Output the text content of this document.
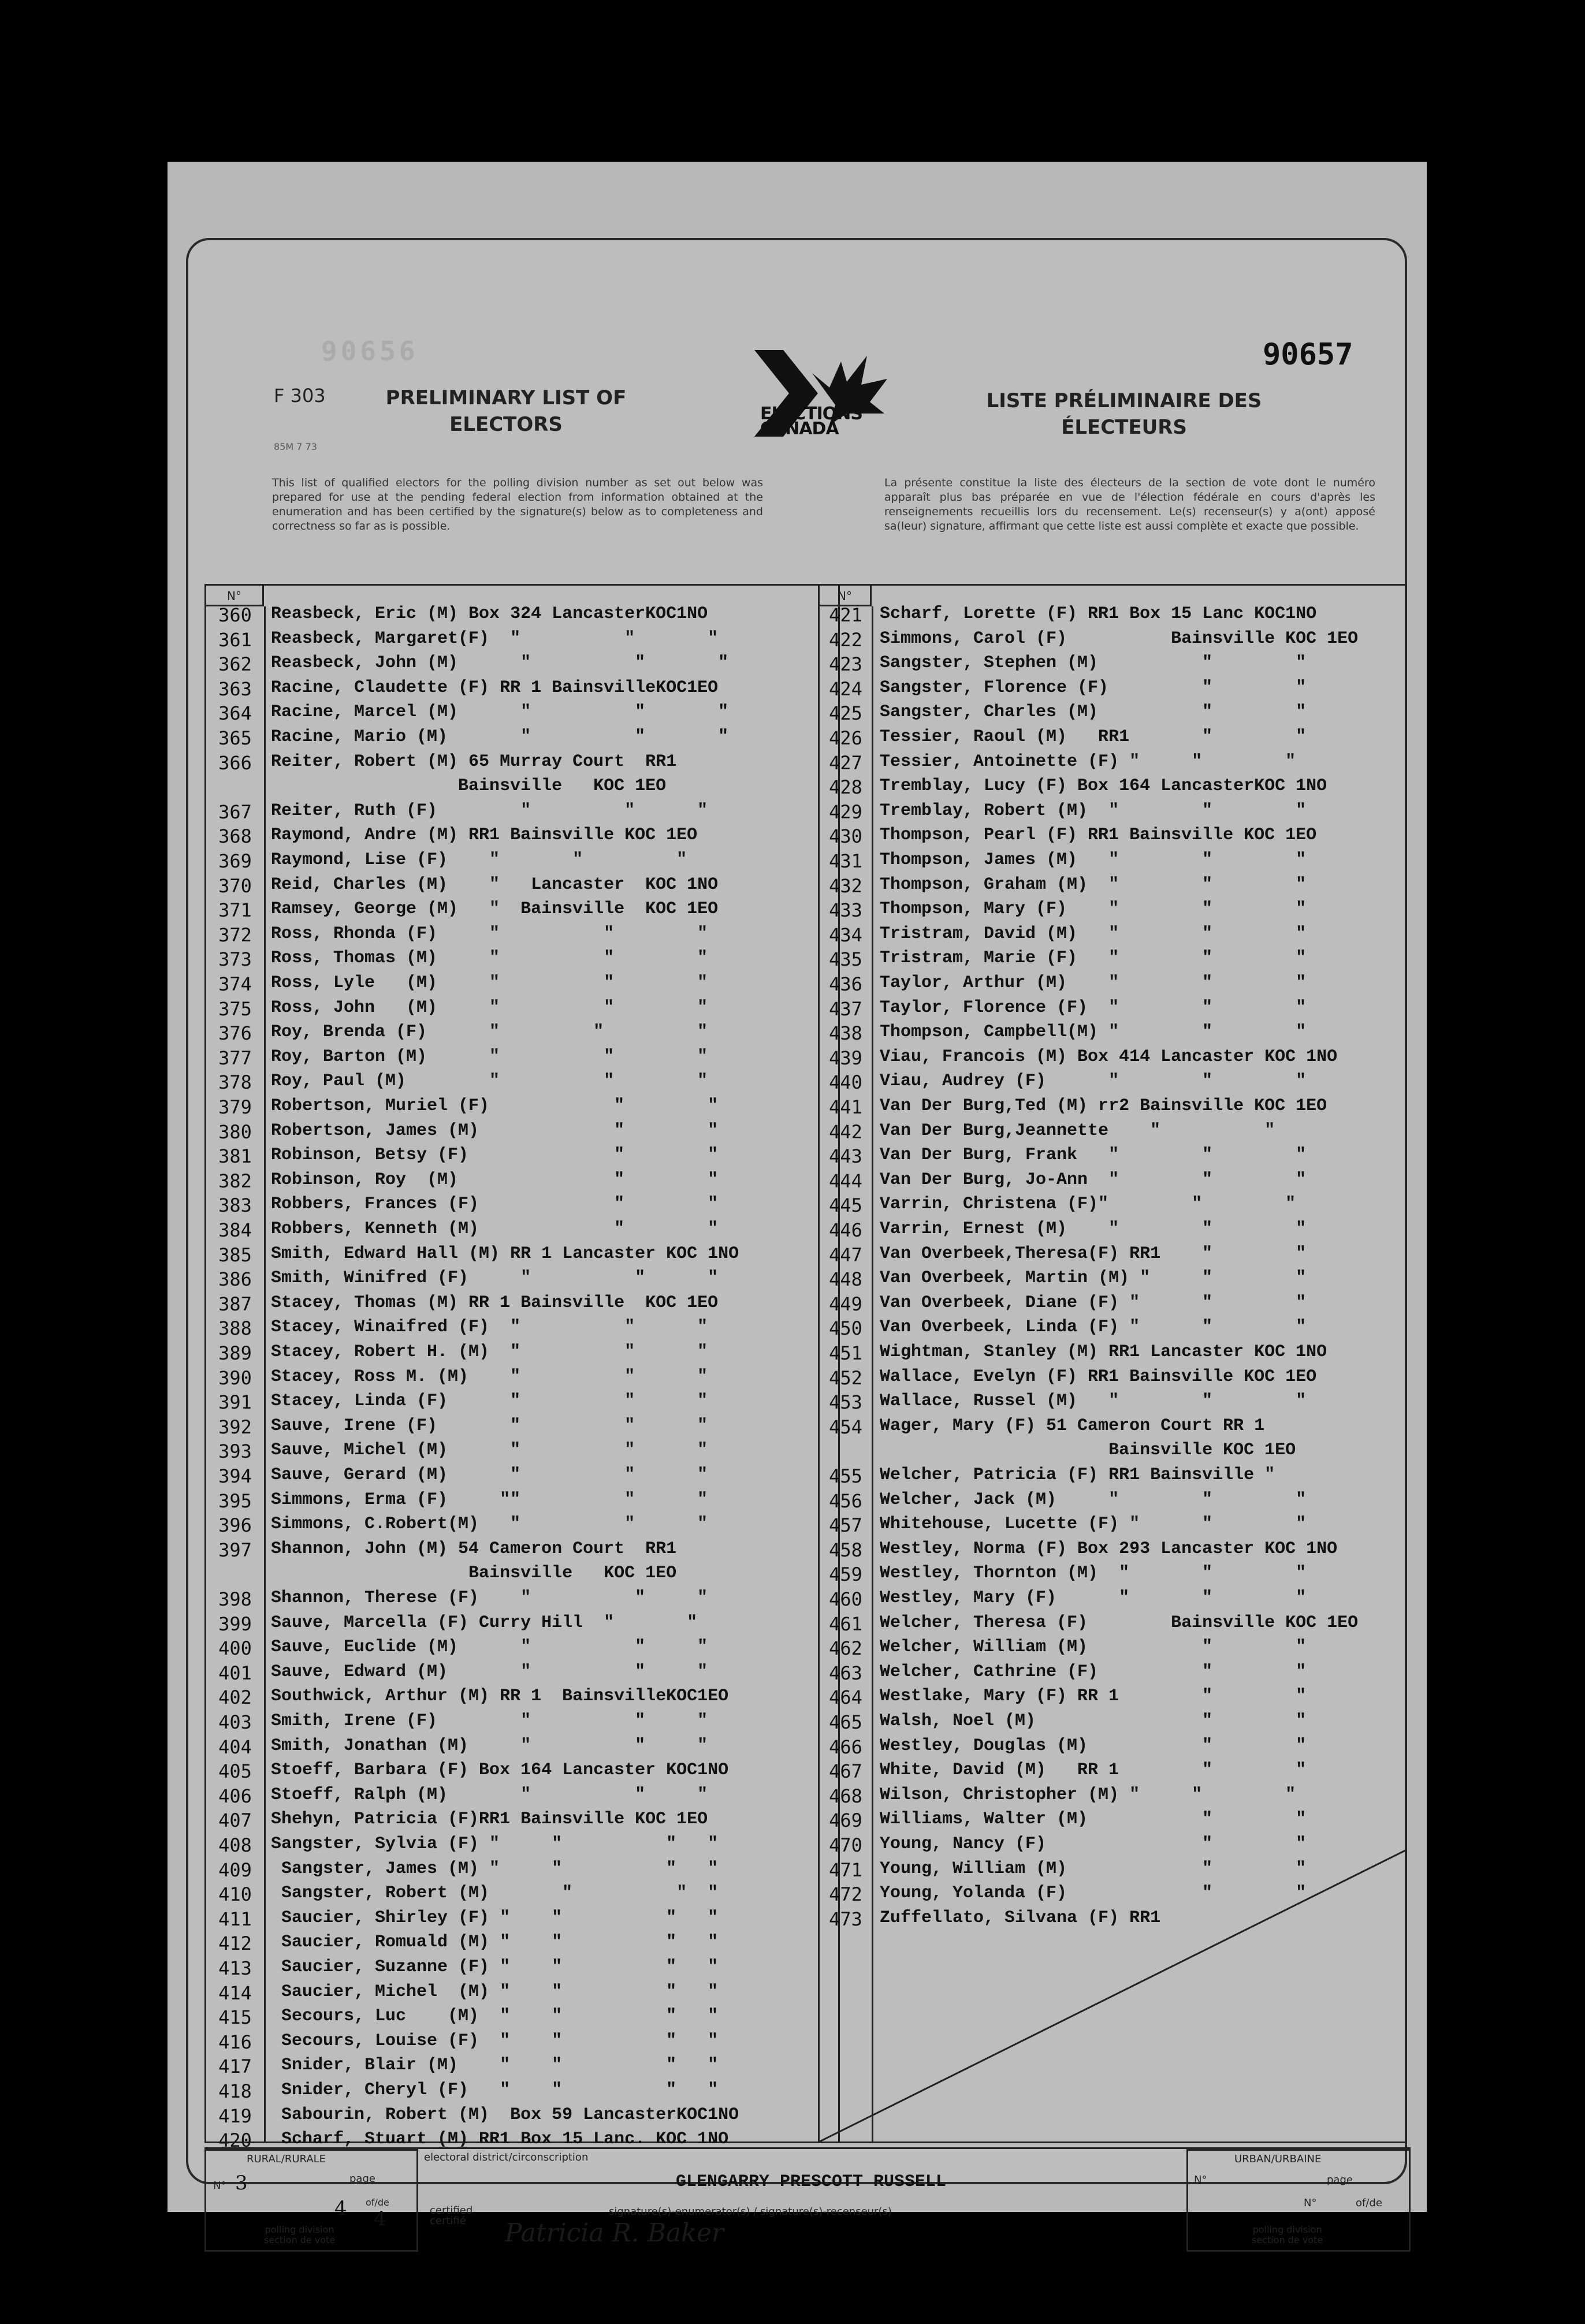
90656
F 303
85M 7 73
PRELIMINARY LIST OF
ELECTORS	ELECTIONS
CANADA
LISTE PRÉLIMINAIRE DES
ÉLECTEURS
90657
This list of qualified electors for the polling division number as set out below was prepared for use at the pending federal election from information obtained at the enumeration and has been certified by the signature(s) below as to completeness and correctness so far as is possible.
La présente constitue la liste des électeurs de la section de vote dont le numéro apparaît plus bas préparée en vue de l'élection fédérale en cours d'après les renseignements recueillis lors du recensement. Le(s) recenseur(s) y a(ont) apposé sa(leur) signature, affirmant que cette liste est aussi complète et exacte que possible.
N°
360	Reasbeck, Eric (M) Box 324 LancasterKOC1NO
361	Reasbeck, Margaret(F)  "          "       "
362	Reasbeck, John (M)      "          "       "
363	Racine, Claudette (F) RR 1 BainsvilleKOC1EO
364	Racine, Marcel (M)      "          "       "
365	Racine, Mario (M)       "          "       "
366	Reiter, Robert (M) 65 Murray Court  RR1
Bainsville   KOC 1EO
367	Reiter, Ruth (F)        "         "      "
368	Raymond, Andre (M) RR1 Bainsville KOC 1EO
369	Raymond, Lise (F)    "       "         "
370	Reid, Charles (M)    "   Lancaster  KOC 1NO
371	Ramsey, George (M)   "  Bainsville  KOC 1EO
372	Ross, Rhonda (F)     "          "        "
373	Ross, Thomas (M)     "          "        "
374	Ross, Lyle   (M)     "          "        "
375	Ross, John   (M)     "          "        "
376	Roy, Brenda (F)      "         "         "
377	Roy, Barton (M)      "          "        "
378	Roy, Paul (M)        "          "        "
379	Robertson, Muriel (F)            "        "
380	Robertson, James (M)             "        "
381	Robinson, Betsy (F)              "        "
382	Robinson, Roy  (M)               "        "
383	Robbers, Frances (F)             "        "
384	Robbers, Kenneth (M)             "        "
385	Smith, Edward Hall (M) RR 1 Lancaster KOC 1NO
386	Smith, Winifred (F)     "          "      "
387	Stacey, Thomas (M) RR 1 Bainsville  KOC 1EO
388	Stacey, Winaifred (F)  "          "      "
389	Stacey, Robert H. (M)  "          "      "
390	Stacey, Ross M. (M)    "          "      "
391	Stacey, Linda (F)      "          "      "
392	Sauve, Irene (F)       "          "      "
393	Sauve, Michel (M)      "          "      "
394	Sauve, Gerard (M)      "          "      "
395	Simmons, Erma (F)     ""          "      "
396	Simmons, C.Robert(M)   "          "      "
397	Shannon, John (M) 54 Cameron Court  RR1
Bainsville   KOC 1EO
398	Shannon, Therese (F)    "          "     "
399	Sauve, Marcella (F) Curry Hill  "       "
400	Sauve, Euclide (M)      "          "     "
401	Sauve, Edward (M)       "          "     "
402	Southwick, Arthur (M) RR 1  BainsvilleKOC1EO
403	Smith, Irene (F)        "          "     "
404	Smith, Jonathan (M)     "          "     "
405	Stoeff, Barbara (F) Box 164 Lancaster KOC1NO
406	Stoeff, Ralph (M)       "          "     "
407	Shehyn, Patricia (F)RR1 Bainsville KOC 1EO
408	Sangster, Sylvia (F) "     "          "   "
409	Sangster, James (M) "     "          "   "
410	Sangster, Robert (M)       "          "  "
411	Saucier, Shirley (F) "    "          "   "
412	Saucier, Romuald (M) "    "          "   "
413	Saucier, Suzanne (F) "    "          "   "
414	Saucier, Michel  (M) "    "          "   "
415	Secours, Luc    (M)  "    "          "   "
416	Secours, Louise (F)  "    "          "   "
417	Snider, Blair (M)    "    "          "   "
418	Snider, Cheryl (F)   "    "          "   "
419	Sabourin, Robert (M)  Box 59 LancasterKOC1NO
420	Scharf, Stuart (M) RR1 Box 15 Lanc. KOC 1NO
N°
421	Scharf, Lorette (F) RR1 Box 15 Lanc KOC1NO
422	Simmons, Carol (F)          Bainsville KOC 1EO
423	Sangster, Stephen (M)          "        "
424	Sangster, Florence (F)         "        "
425	Sangster, Charles (M)          "        "
426	Tessier, Raoul (M)   RR1       "        "
427	Tessier, Antoinette (F) "     "        "
428	Tremblay, Lucy (F) Box 164 LancasterKOC 1NO
429	Tremblay, Robert (M)  "        "        "
430	Thompson, Pearl (F) RR1 Bainsville KOC 1EO
431	Thompson, James (M)   "        "        "
432	Thompson, Graham (M)  "        "        "
433	Thompson, Mary (F)    "        "        "
434	Tristram, David (M)   "        "        "
435	Tristram, Marie (F)   "        "        "
436	Taylor, Arthur (M)    "        "        "
437	Taylor, Florence (F)  "        "        "
438	Thompson, Campbell(M) "        "        "
439	Viau, Francois (M) Box 414 Lancaster KOC 1NO
440	Viau, Audrey (F)      "        "        "
441	Van Der Burg,Ted (M) rr2 Bainsville KOC 1EO
442	Van Der Burg,Jeannette    "          "
443	Van Der Burg, Frank   "        "        "
444	Van Der Burg, Jo-Ann  "        "        "
445	Varrin, Christena (F)"        "        "
446	Varrin, Ernest (M)    "        "        "
447	Van Overbeek,Theresa(F) RR1    "        "
448	Van Overbeek, Martin (M) "     "        "
449	Van Overbeek, Diane (F) "      "        "
450	Van Overbeek, Linda (F) "      "        "
451	Wightman, Stanley (M) RR1 Lancaster KOC 1NO
452	Wallace, Evelyn (F) RR1 Bainsville KOC 1EO
453	Wallace, Russel (M)   "        "        "
454	Wager, Mary (F) 51 Cameron Court RR 1
Bainsville KOC 1EO
455	Welcher, Patricia (F) RR1 Bainsville "
456	Welcher, Jack (M)     "        "        "
457	Whitehouse, Lucette (F) "      "        "
458	Westley, Norma (F) Box 293 Lancaster KOC 1NO
459	Westley, Thornton (M)  "       "        "
460	Westley, Mary (F)      "       "        "
461	Welcher, Theresa (F)        Bainsville KOC 1EO
462	Welcher, William (M)           "        "
463	Welcher, Cathrine (F)          "        "
464	Westlake, Mary (F) RR 1        "        "
465	Walsh, Noel (M)                "        "
466	Westley, Douglas (M)           "        "
467	White, David (M)   RR 1        "        "
468	Wilson, Christopher (M) "     "        "
469	Williams, Walter (M)           "        "
470	Young, Nancy (F)               "        "
471	Young, William (M)             "        "
472	Young, Yolanda (F)             "        "
473	Zuffellato, Silvana (F) RR1
RURAL/RURALE
N° 3	page
4 of/de
4
polling division
section de vote
electoral district/circonscription
GLENGARRY PRESCOTT RUSSELL
certified
certifié
signature(s)-enumerator(s) / signature(s)-recenseur(s)
Patricia R. Baker
URBAN/URBAINE
N°	page
N°	of/de
polling division
section de vote
